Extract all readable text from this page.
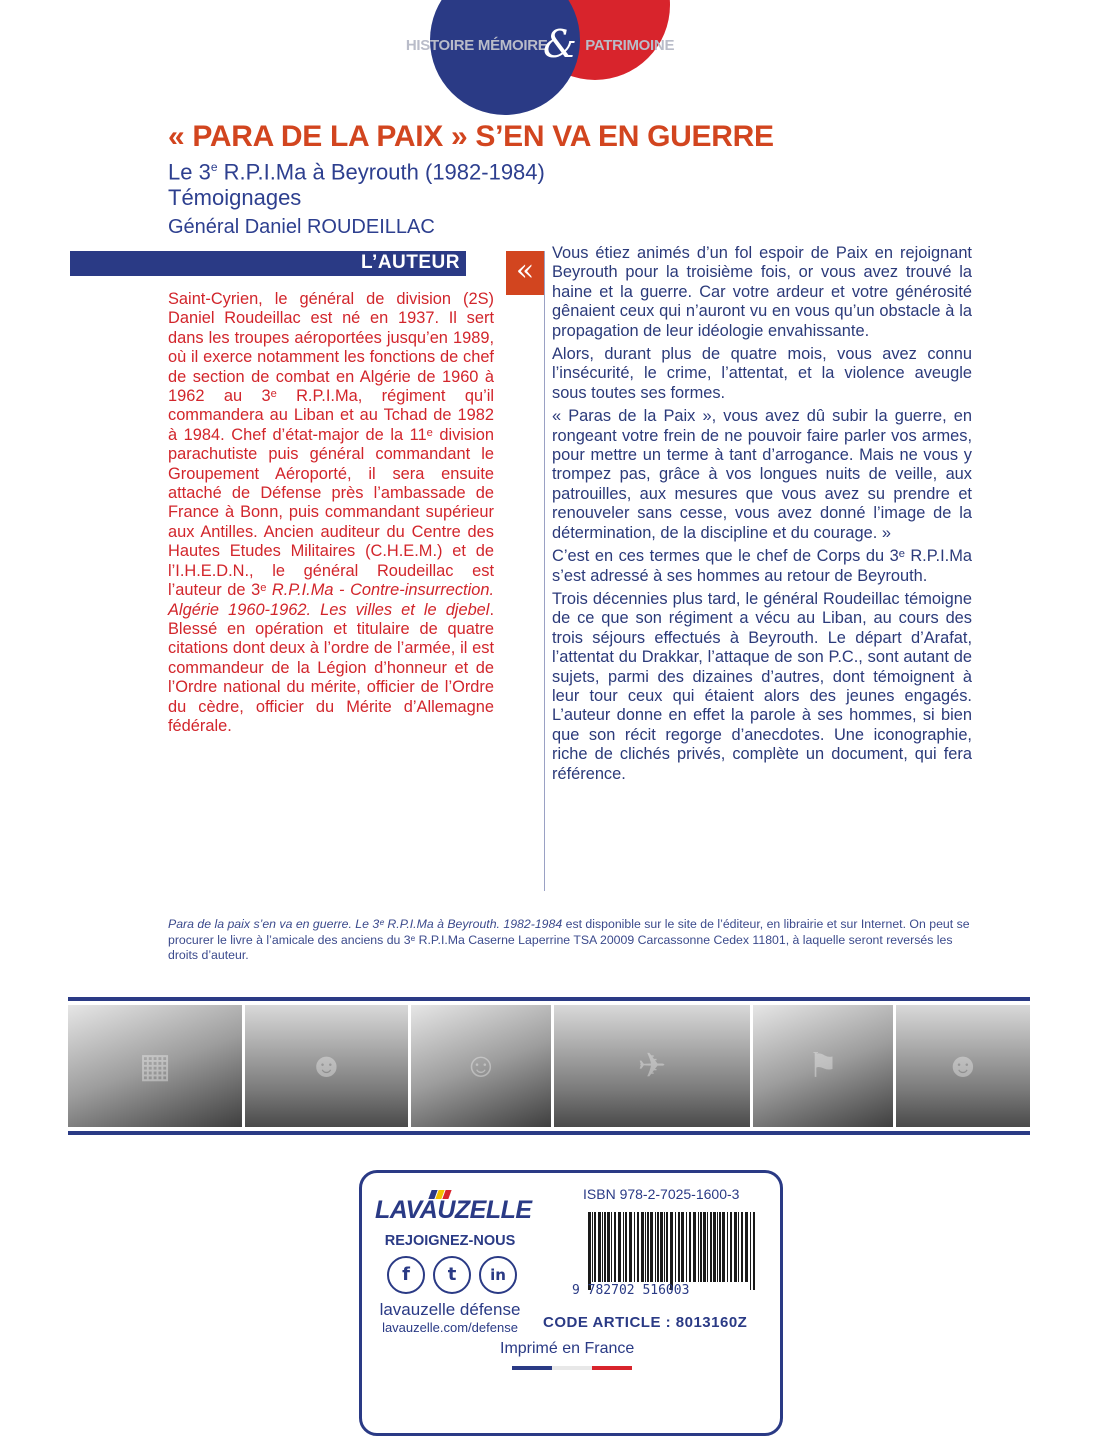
HISTOIRE MÉMOIRE	PATRIMOINE
&
« PARA DE LA PAIX » S’EN VA EN GUERRE
Le 3e R.P.I.Ma à Beyrouth (1982-1984)
Témoignages
Général Daniel ROUDEILLAC
L’AUTEUR

Saint-Cyrien, le général de division (2S) Daniel Roudeillac est né en 1937. Il sert dans les troupes aéroportées jusqu’en 1989, où il exerce notamment les fonctions de chef de section de combat en Algérie de 1960 à 1962 au 3ᵉ R.P.I.Ma, régiment qu’il commandera au Liban et au Tchad de 1982 à 1984. Chef d’état-major de la 11ᵉ division parachutiste puis général commandant le Groupement Aéroporté, il sera ensuite attaché de Défense près l’ambassade de France à Bonn, puis commandant supérieur aux Antilles. Ancien auditeur du Centre des Hautes Etudes Militaires (C.H.E.M.) et de l’I.H.E.D.N., le général Roudeillac est l’auteur de 3ᵉ R.P.I.Ma - Contre-insurrection. Algérie 1960-1962. Les villes et le djebel. Blessé en opération et titulaire de quatre citations dont deux à l’ordre de l’armée, il est commandeur de la Légion d’honneur et de l’Ordre national du mérite, officier de l’Ordre du cèdre, officier du Mérite d’Allemagne fédérale.

«	Vous étiez animés d’un fol espoir de Paix en rejoignant Beyrouth pour la troisième fois, or vous avez trouvé la haine et la guerre. Car votre ardeur et votre générosité gênaient ceux qui n’auront vu en vous qu’un obstacle à la propagation de leur idéologie envahissante.

Alors, durant plus de quatre mois, vous avez connu l’insécurité, le crime, l’attentat, et la violence aveugle sous toutes ses formes.

« Paras de la Paix », vous avez dû subir la guerre, en rongeant votre frein de ne pouvoir faire parler vos armes, pour mettre un terme à tant d’arrogance. Mais ne vous y trompez pas, grâce à vos longues nuits de veille, aux patrouilles, aux mesures que vous avez su prendre et renouveler sans cesse, vous avez donné l’image de la détermination, de la discipline et du courage. »

C’est en ces termes que le chef de Corps du 3ᵉ R.P.I.Ma s’est adressé à ses hommes au retour de Beyrouth.

Trois décennies plus tard, le général Roudeillac témoigne de ce que son régiment a vécu au Liban, au cours des trois séjours effectués à Beyrouth. Le départ d’Arafat, l’attentat du Drakkar, l’attaque de son P.C., sont autant de sujets, parmi des dizaines d’autres, dont témoignent à leur tour ceux qui étaient alors des jeunes engagés. L’auteur donne en effet la parole à ses hommes, si bien que son récit regorge d’anecdotes. Une iconographie, riche de clichés privés, complète un document, qui fera référence.

Para de la paix s’en va en guerre. Le 3ᵉ R.P.I.Ma à Beyrouth. 1982-1984 est disponible sur le site de l’éditeur, en librairie et sur Internet. On peut se procurer le livre à l’amicale des anciens du 3ᵉ R.P.I.Ma Caserne Laperrine TSA 20009 Carcassonne Cedex 11801, à laquelle seront reversés les droits d’auteur.
▦	☻	☺	✈	⚑	☻
LAVAUZELLE
REJOIGNEZ-NOUS
f	t	in
lavauzelle défense
lavauzelle.com/defense
ISBN 978-2-7025-1600-3
9 782702 516003
CODE ARTICLE : 8013160Z
Imprimé en France
